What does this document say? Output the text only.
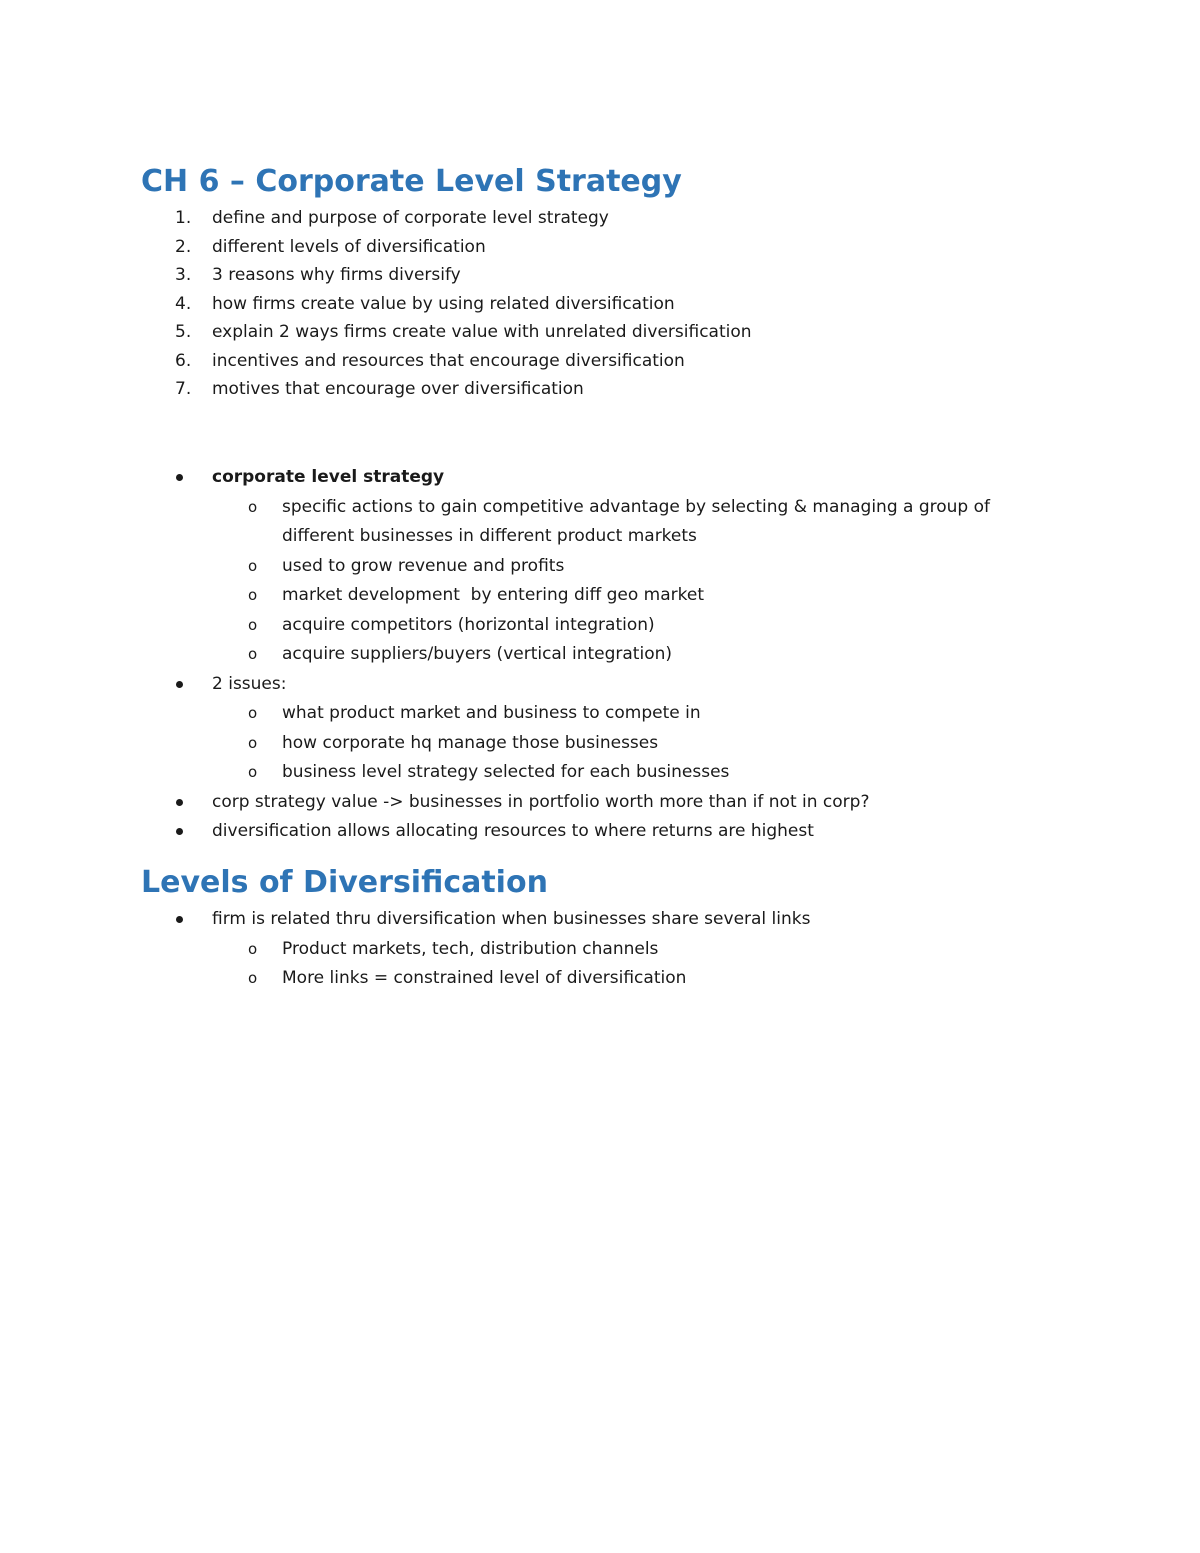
CH 6 – Corporate Level Strategy
1.	define and purpose of corporate level strategy
2.	different levels of diversification
3.	3 reasons why firms diversify
4.	how firms create value by using related diversification
5.	explain 2 ways firms create value with unrelated diversification
6.	incentives and resources that encourage diversification
7.	motives that encourage over diversification
corporate level strategy
o specific actions to gain competitive advantage by selecting & managing a group of different businesses in different product markets
o used to grow revenue and profits
o market development  by entering diff geo market
o acquire competitors (horizontal integration)
o acquire suppliers/buyers (vertical integration)
2 issues:
o what product market and business to compete in
o how corporate hq manage those businesses
o business level strategy selected for each businesses
corp strategy value -> businesses in portfolio worth more than if not in corp?
diversification allows allocating resources to where returns are highest
Levels of Diversification
firm is related thru diversification when businesses share several links
o Product markets, tech, distribution channels
o More links = constrained level of diversification
